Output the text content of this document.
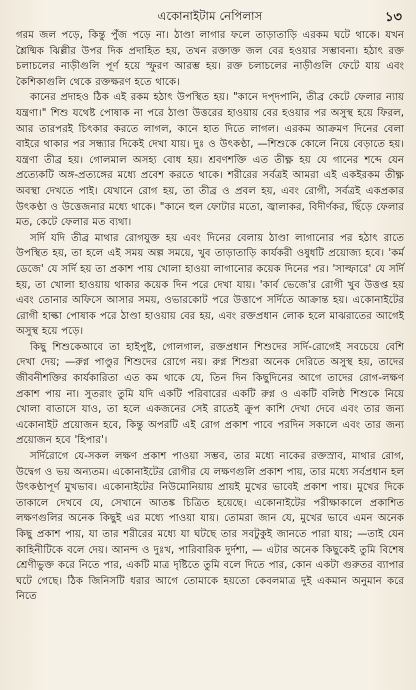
একোনাইটাম নেপিলাস	১৩

গরম জল পড়ে, কিন্তু পুঁজ পড়ে না। ঠাণ্ডা লাগার ফলে তাড়াতাড়ি এরকম ঘটে থাকে। যখন শ্লৈষ্মিক ঝিল্লীর উপর দিক প্রদাহিত হয়, তখন রক্তাক্ত জল বের হওয়ার সম্ভাবনা। হঠাৎ রক্ত চলাচলের নাড়ীগুলি পূর্ণ হয়ে স্ফুরণ আরম্ভ হয়। রক্ত চলাচলের নাড়ীগুলি ফেটে যায় এবং কৈশিকাগুলি থেকে রক্তক্ষরণ হতে থাকে।

কানের প্রদাহও ঠিক এই রকম হঠাৎ উপস্থিত হয়। "কানে দপ্দপানি, তীব্র কেটে ফেলার ন্যায় যন্ত্রণা।" শিশু যথেষ্ট পোষাক না পরে ঠাণ্ডা উত্তরের হাওয়ায় বের হওয়ার পর অসুস্থ হয়ে ফিরল, আর তারপরই চিৎকার করতে লাগল, কানে হাত দিতে লাগল। এরকম আক্রমণ দিনের বেলা বাইরে থাকার পর সন্ধ্যার দিকেই দেখা যায়। দুঃ ও উৎকণ্ঠা, —শিশুকে কোলে নিয়ে বেড়াতে হয়। যন্ত্রণা তীব্র হয়। গোলমাল অসহ্য বোধ হয়। শ্রবণশক্তি এত তীক্ষ্ণ হয় যে গানের শব্দে যেন প্রত্যেকটি অঙ্গ-প্রত্যঙ্গের মধ্যে প্রবেশ করতে থাকে। শরীরের সর্বত্রই আমরা এই একইরকম তীক্ষ্ণ অবস্থা দেখতে পাই। যেখানে রোগ হয়, তা তীব্র ও প্রবল হয়, এবং রোগী, সর্বত্রই একপ্রকার উৎকণ্ঠা ও উত্তেজনার মধ্যে থাকে। "কানে হুল ফোটার মতো, জ্বালাকর, বিদীর্ণকর, ছিঁড়ে ফেলার মত, কেটে ফেলার মত ব্যথা।

সর্দি যদি তীব্র মাথার রোগযুক্ত হয় এবং দিনের বেলায় ঠাণ্ডা লাগানোর পর হঠাৎ রাতে উপস্থিত হয়, তা হলে এই সময় অল্প সময়ে, খুব তাড়াতাড়ি কার্যকরী ওষুধটি প্রয়োজ্য হবে। 'কর্ম ডেজে' যে সর্দি হয় তা প্রকাশ পায় খোলা হাওয়া লাগানোর কয়েক দিনের পর। 'সাল্ফারে' যে সর্দি হয়, তা খোলা হাওয়ায় থাকার কয়েক দিন পরে দেখা যায়। 'কার্ব ভেজে'র রোগী খুব উত্তপ্ত হয় এবং তোনার অফিসে আসার সময়, ওভারকোট পরে উত্তাপে সর্দিতে আক্রান্ত হয়। একোনাইটের রোগী হাল্কা পোষাক পরে ঠাণ্ডা হাওয়ায় বের হয়, এবং রক্তপ্রধান লোক হলে মাঝরাতের আগেই অসুস্থ হয়ে পড়ে।

কিছু শিশুকেআবে তা হাইপুষ্ট, গোলগাল, রক্তপ্রধান শিশুদের সর্দি-রোগেই সবচেয়ে বেশি দেখা দেয়; —রুগ্ন পাণ্ডুর শিশুদের রোগে নয়। রুগ্ন শিশুরা অনেক দেরিতে অসুস্থ হয়, তাদের জীবনীশক্তির কার্যকারিতা এত কম থাকে যে, তিন দিন কিছুদিনের আগে তাদের রোগ-লক্ষণ প্রকাশ পায় না। সুতরাং তুমি যদি একটি পরিবারের একটি রুগ্ন ও একটি বলিষ্ঠ শিশুকে নিয়ে খোলা বাতাসে যাও, তা হলে একজনের সেই রাতেই ক্রুপ কাশি দেখা দেবে এবং তার জন্য একোনাইট প্রয়োজন হবে, কিন্তু অপরটি এই রোগ প্রকাশ পাবে পরদিন সকালে এবং তার জন্য প্রয়োজন হবে 'হিপার'।

সর্দিরোগে যে-সকল লক্ষণ প্রকাশ পাওয়া সম্ভব, তার মধ্যে নাকের রক্তস্রাব, মাথার রোগ, উদ্বেগ ও ভয় অন্যতম। একোনাইটের রোগীর যে লক্ষণগুলি প্রকাশ পায়, তার মধ্যে সর্বপ্রধান হল উৎকণ্ঠাপূর্ণ মুখভাব। একোনাইটের নিউমোনিয়ায় প্রায়ই মুখের ভাবেই প্রকাশ পায়। মুখের দিকে তাকালে দেখবে যে, সেখানে আতঙ্ক চিত্রিত হয়েছে। একোনাইটের পরীক্ষাকালে প্রকাশিত লক্ষণগুলির অনেক কিছুই এর মধ্যে পাওয়া যায়। তোমরা জান যে, মুখের ভাবে এমন অনেক কিছু প্রকাশ পায়, যা তার শরীরের মধ্যে যা ঘটছে তার সবটুকুই জানতে পারা যায়; —তাই যেন কাহিনীটিকে বলে দেয়। আনন্দ ও দুঃখ, পারিবারিক দুর্দশা, — এটার অনেক কিছুকেই তুমি বিশেষ শ্রেণীভুক্ত করে নিতে পার, একটি মাত্র দৃষ্টিতে তুমি বলে দিতে পার, কোন একটা গুরুতর ব্যাপার ঘটে গেছে। ঠিক জিনিসটি ধরার আগে তোমাকে হয়তো কেবলমাত্র দুই একমান অনুমান করে নিতে
